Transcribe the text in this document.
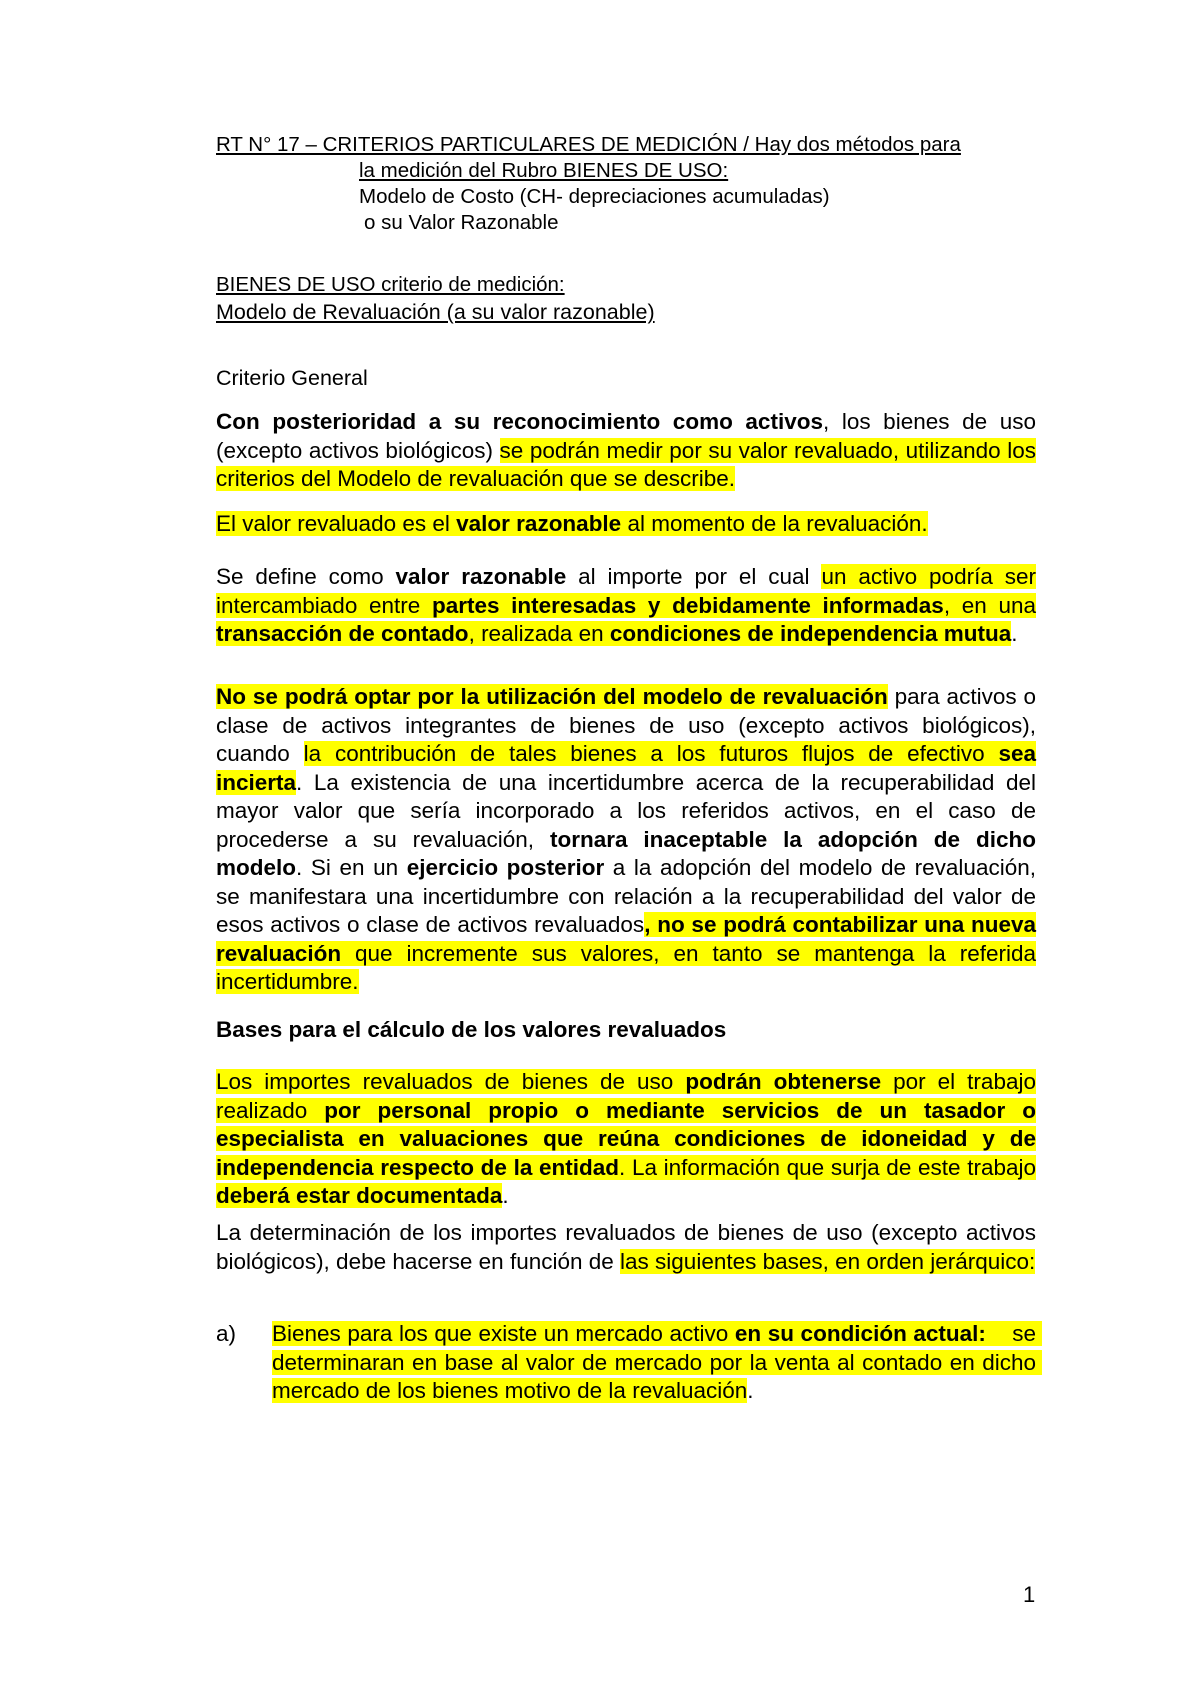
RT N° 17 – CRITERIOS PARTICULARES DE MEDICIÓN / Hay dos métodos para

la medición del Rubro BIENES DE USO:

Modelo de Costo (CH- depreciaciones acumuladas)

o su Valor Razonable

BIENES DE USO criterio de medición:

Modelo de Revaluación (a su valor razonable)

Criterio General

Con posterioridad a su reconocimiento como activos, los bienes de uso (excepto activos biológicos) se podrán medir por su valor revaluado, utilizando los criterios del Modelo de revaluación que se describe.

El valor revaluado es el valor razonable al momento de la revaluación.

Se define como valor razonable al importe por el cual un activo podría ser intercambiado entre partes interesadas y debidamente informadas, en una transacción de contado, realizada en condiciones de independencia mutua.

No se podrá optar por la utilización del modelo de revaluación para activos o clase de activos integrantes de bienes de uso (excepto activos biológicos), cuando la contribución de tales bienes a los futuros flujos de efectivo sea incierta. La existencia de una incertidumbre acerca de la recuperabilidad del mayor valor que sería incorporado a los referidos activos, en el caso de procederse a su revaluación, tornara inaceptable la adopción de dicho modelo. Si en un ejercicio posterior a la adopción del modelo de revaluación, se manifestara una incertidumbre con relación a la recuperabilidad del valor de esos activos o clase de activos revaluados, no se podrá contabilizar una nueva revaluación que incremente sus valores, en tanto se mantenga la referida incertidumbre.

Bases para el cálculo de los valores revaluados

Los importes revaluados de bienes de uso podrán obtenerse por el trabajo realizado por personal propio o mediante servicios de un tasador o especialista en valuaciones que reúna condiciones de idoneidad y de independencia respecto de la entidad. La información que surja de este trabajo deberá estar documentada.

La determinación de los importes revaluados de bienes de uso (excepto activos biológicos), debe hacerse en función de las siguientes bases, en orden jerárquico:

a) Bienes para los que existe un mercado activo en su condición actual:    se determinaran en base al valor de mercado por la venta al contado en dicho mercado de los bienes motivo de la revaluación.

1
